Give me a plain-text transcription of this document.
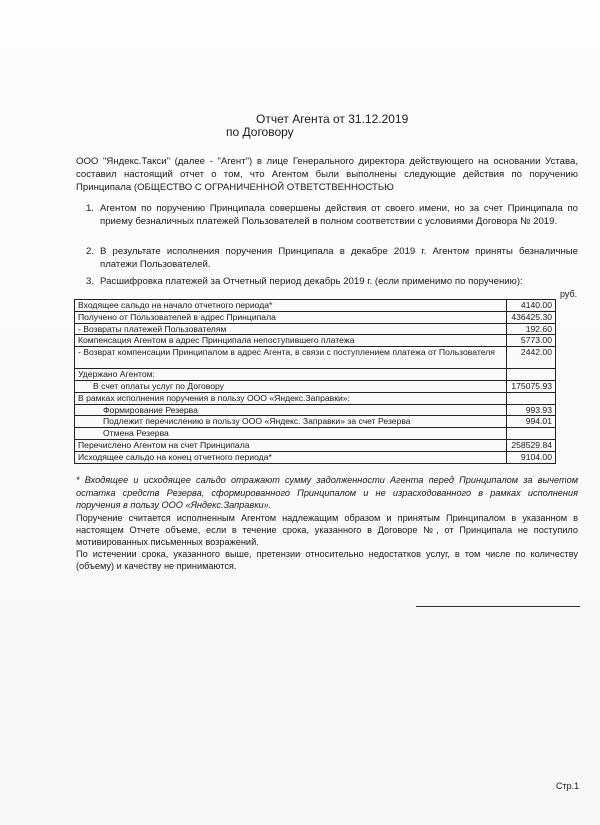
Отчет Агента от 31.12.2019
по Договору
ООО "Яндекс.Такси" (далее - "Агент") в лице Генерального директора действующего на основании Устава, составил настоящий отчет о том, что Агентом были выполнены следующие действия по поручению Принципала (ОБЩЕСТВО С ОГРАНИЧЕННОЙ ОТВЕТСТВЕННОСТЬЮ
1. Агентом по поручению Принципала совершены действия от своего имени, но за счет Принципала по приему безналичных платежей Пользователей в полном соответствии с условиями Договора № 2019.
2. В результате исполнения поручения Принципала в декабре 2019 г. Агентом приняты безналичные платежи Пользователей.
3. Расшифровка платежей за Отчетный период декабрь 2019 г. (если применимо по поручению):
руб.
Входящее сальдо на начало отчетного периода*	4140.00
Получено от Пользователей в адрес Принципала	436425.30
- Возвраты платежей Пользователям	192.60
Компенсация Агентом в адрес Принципала непоступившего платежа	5773.00
- Возврат компенсации Принципалом в адрес Агента, в связи с поступлением платежа от Пользователя	2442.00
Удержано Агентом:	
В счет оплаты услуг по Договору	175075.93
В рамках исполнения поручения в пользу ООО «Яндекс.Заправки»:	
Формирование Резерва	993.93
Подлежит перечислению в пользу ООО «Яндекс. Заправки» за счет Резерва	994.01
Отмена Резерва	
Перечислено Агентом на счет Принципала	258529.84
Исходящее сальдо на конец отчетного периода*	9104.00
* Входящее и исходящее сальдо отражают сумму задолженности Агента перед Принципалом за вычетом остатка средств Резерва, сформированного Принципалом и не израсходованного в рамках исполнения поручения в пользу ООО «Яндекс.Заправки».

Поручение считается исполненным Агентом надлежащим образом и принятым Принципалом в указанном в настоящем Отчете объеме, если в течение срока, указанного в Договоре №, от Принципала не поступило мотивированных письменных возражений.

По истечении срока, указанного выше, претензии относительно недостатков услуг, в том числе по количеству (объему) и качеству не принимаются.

Стр.1
